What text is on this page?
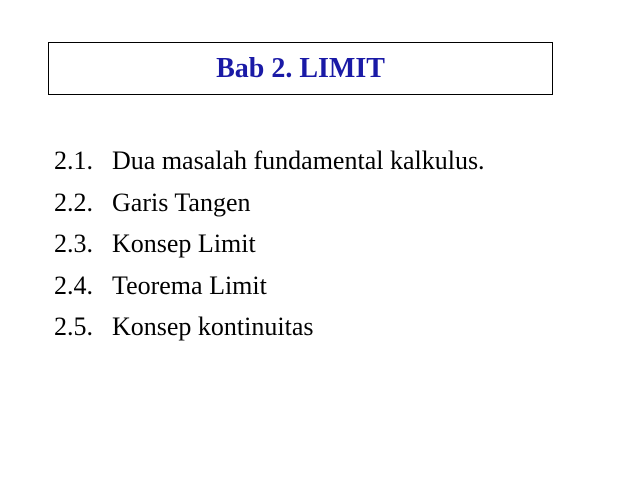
Bab 2. LIMIT
2.1. Dua masalah fundamental kalkulus.
2.2. Garis Tangen
2.3. Konsep Limit
2.4. Teorema Limit
2.5. Konsep kontinuitas
